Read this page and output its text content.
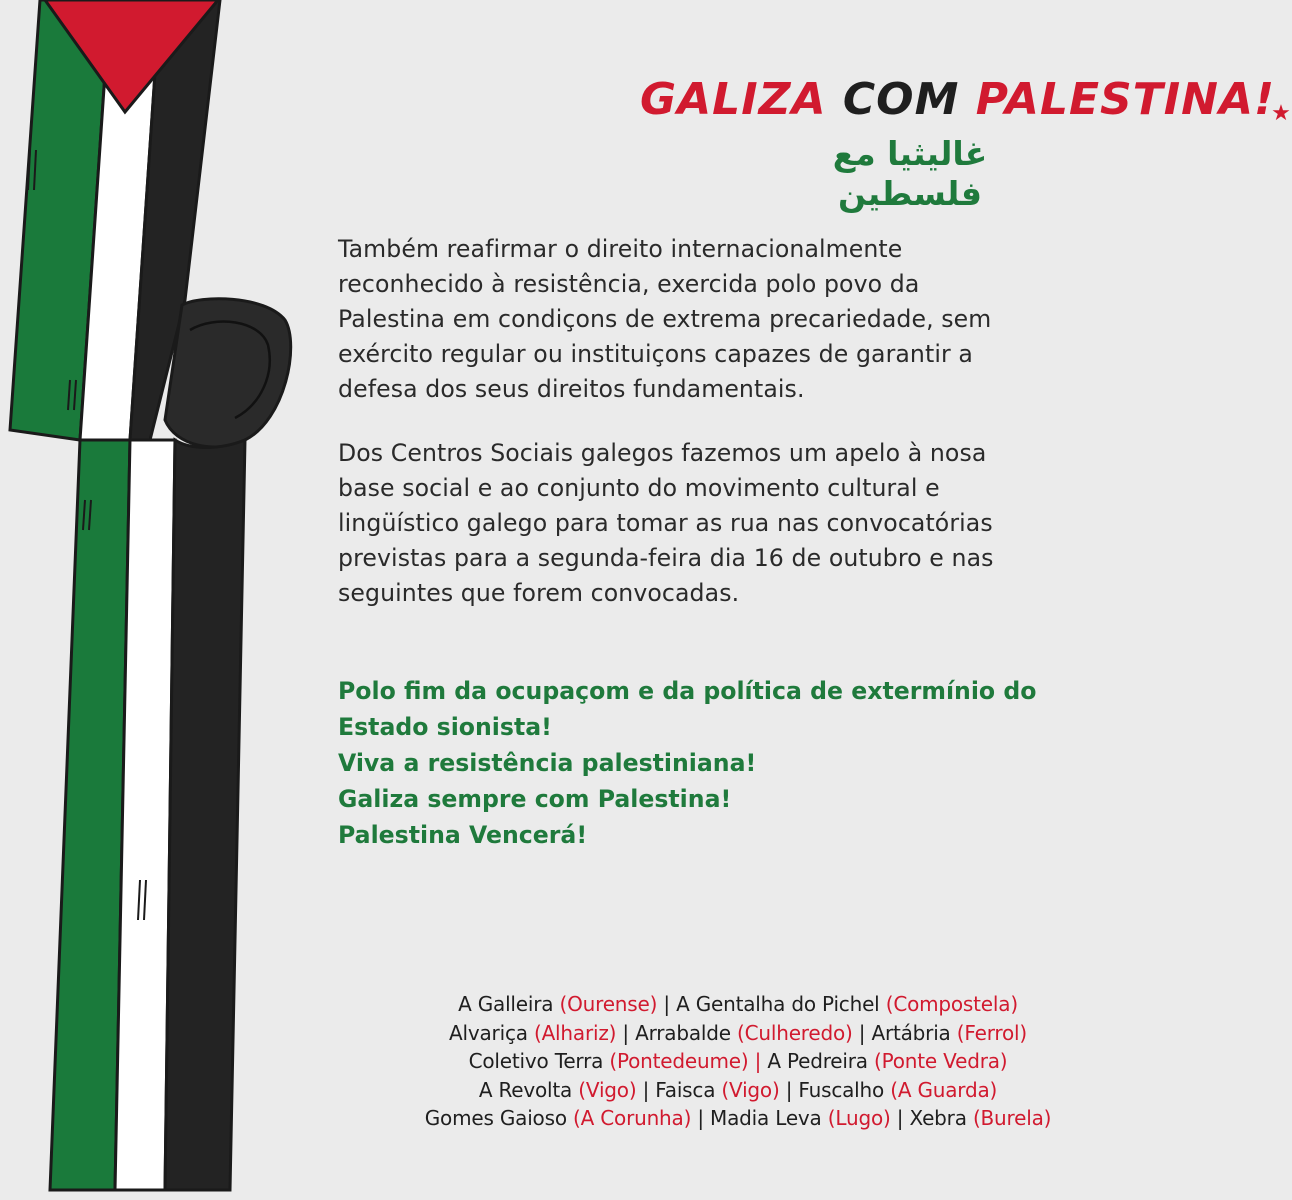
GALIZA COM PALESTINA!★
غاليثيا مع فلسطين
Também reafirmar o direito internacionalmente
reconhecido à resistência, exercida polo povo da
Palestina em condiçons de extrema precariedade, sem
exército regular ou instituiçons capazes de garantir a
defesa dos seus direitos fundamentais.
Dos Centros Sociais galegos fazemos um apelo à nosa
base social e ao conjunto do movimento cultural e
lingüístico galego para tomar as rua nas convocatórias
previstas para a segunda-feira dia 16 de outubro e nas
seguintes que forem convocadas.
Polo fim da ocupaçom e da política de extermínio do
Estado sionista!
Viva a resistência palestiniana!
Galiza sempre com Palestina!
Palestina Vencerá!
A Galleira (Ourense) | A Gentalha do Pichel (Compostela)
Alvariça (Alhariz) | Arrabalde (Culheredo) | Artábria (Ferrol)
Coletivo Terra (Pontedeume) | A Pedreira (Ponte Vedra)
A Revolta (Vigo) | Faisca (Vigo) | Fuscalho (A Guarda)
Gomes Gaioso (A Corunha) | Madia Leva (Lugo) | Xebra (Burela)
